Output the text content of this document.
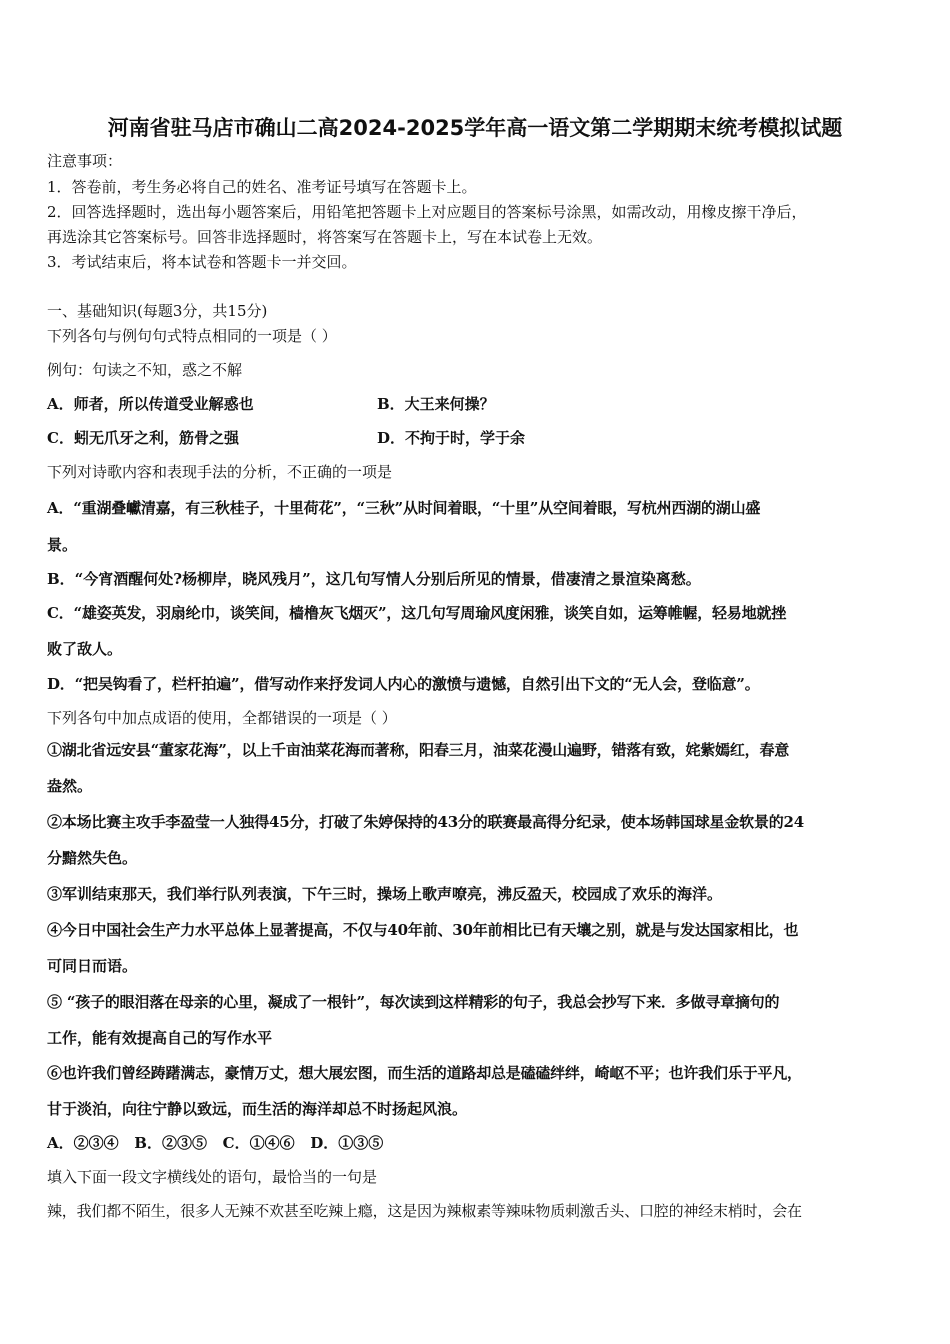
河南省驻马店市确山二高2024-2025学年高一语文第二学期期末统考模拟试题
注意事项：
1．答卷前，考生务必将自己的姓名、准考证号填写在答题卡上。
2．回答选择题时，选出每小题答案后，用铅笔把答题卡上对应题目的答案标号涂黑，如需改动，用橡皮擦干净后，
再选涂其它答案标号。回答非选择题时，将答案写在答题卡上，写在本试卷上无效。
3．考试结束后，将本试卷和答题卡一并交回。
一、基础知识(每题3分，共15分)
下列各句与例句句式特点相同的一项是（ ）
例句：句读之不知，惑之不解
A．师者，所以传道受业解惑也	B．大王来何操？
C．蚓无爪牙之利，筋骨之强	D．不拘于时，学于余
下列对诗歌内容和表现手法的分析，不正确的一项是
A．“重湖叠巘清嘉，有三秋桂子，十里荷花”，“三秋”从时间着眼，“十里”从空间着眼，写杭州西湖的湖山盛
景。
B．“今宵酒醒何处?杨柳岸，晓风残月”，这几句写情人分别后所见的情景，借凄清之景渲染离愁。
C．“雄姿英发，羽扇纶巾，谈笑间，樯橹灰飞烟灭”，这几句写周瑜风度闲雅，谈笑自如，运筹帷幄，轻易地就挫
败了敌人。
D．“把吴钩看了，栏杆拍遍”，借写动作来抒发词人内心的激愤与遗憾，自然引出下文的“无人会，登临意”。
下列各句中加点成语的使用，全都错误的一项是（ ）
①湖北省远安县“董家花海”，以上千亩油菜花海而著称，阳春三月，油菜花漫山遍野，错落有致，姹紫嫣红，春意
盎然。
②本场比赛主攻手李盈莹一人独得45分，打破了朱婷保持的43分的联赛最高得分纪录，使本场韩国球星金软景的24
分黯然失色。
③军训结束那天，我们举行队列表演，下午三时，操场上歌声嘹亮，沸反盈天，校园成了欢乐的海洋。
④今日中国社会生产力水平总体上显著提高，不仅与40年前、30年前相比已有天壤之别，就是与发达国家相比，也
可同日而语。
⑤ “孩子的眼泪落在母亲的心里，凝成了一根针”，每次读到这样精彩的句子，我总会抄写下来．多做寻章摘句的
工作，能有效提高自己的写作水平
⑥也许我们曾经踌躇满志，豪情万丈，想大展宏图，而生活的道路却总是磕磕绊绊，崎岖不平；也许我们乐于平凡，
甘于淡泊，向往宁静以致远，而生活的海洋却总不时扬起风浪。
A．②③④   B．②③⑤   C．①④⑥   D．①③⑤
填入下面一段文字横线处的语句，最恰当的一句是
辣，我们都不陌生，很多人无辣不欢甚至吃辣上瘾，这是因为辣椒素等辣味物质刺激舌头、口腔的神经末梢时，会在
